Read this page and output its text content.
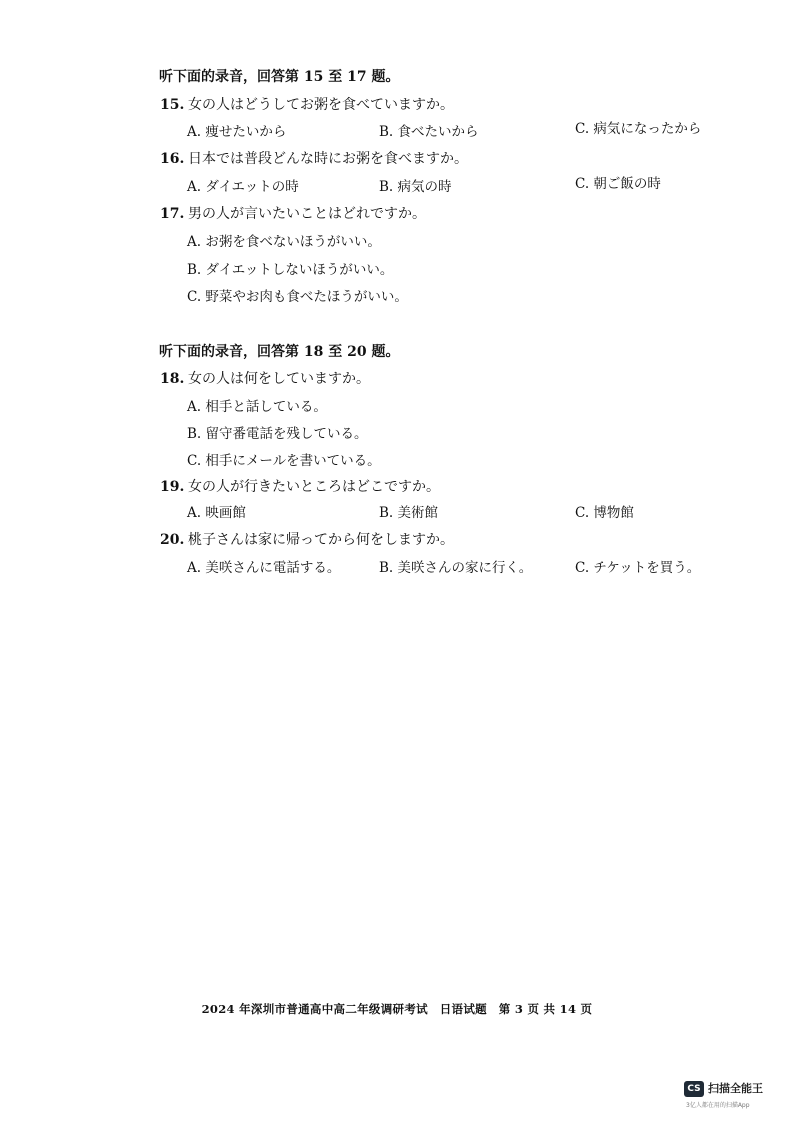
听下面的录音，回答第 15 至 17 题。
15. 女の人はどうしてお粥を食べていますか。
A. 痩せたいから	B. 食べたいから	C. 病気になったから
16. 日本では普段どんな時にお粥を食べますか。
A. ダイエットの時	B. 病気の時	C. 朝ご飯の時
17. 男の人が言いたいことはどれですか。
A. お粥を食べないほうがいい。
B. ダイエットしないほうがいい。
C. 野菜やお肉も食べたほうがいい。
听下面的录音，回答第 18 至 20 题。
18. 女の人は何をしていますか。
A. 相手と話している。
B. 留守番電話を残している。
C. 相手にメールを書いている。
19. 女の人が行きたいところはどこですか。
A. 映画館	B. 美術館	C. 博物館
20. 桃子さんは家に帰ってから何をしますか。
A. 美咲さんに電話する。	B. 美咲さんの家に行く。	C. チケットを買う。
2024 年深圳市普通高中高二年级调研考试　日语试题　第 3 页 共 14 页
CS 扫描全能王
3亿人都在用的扫描App
